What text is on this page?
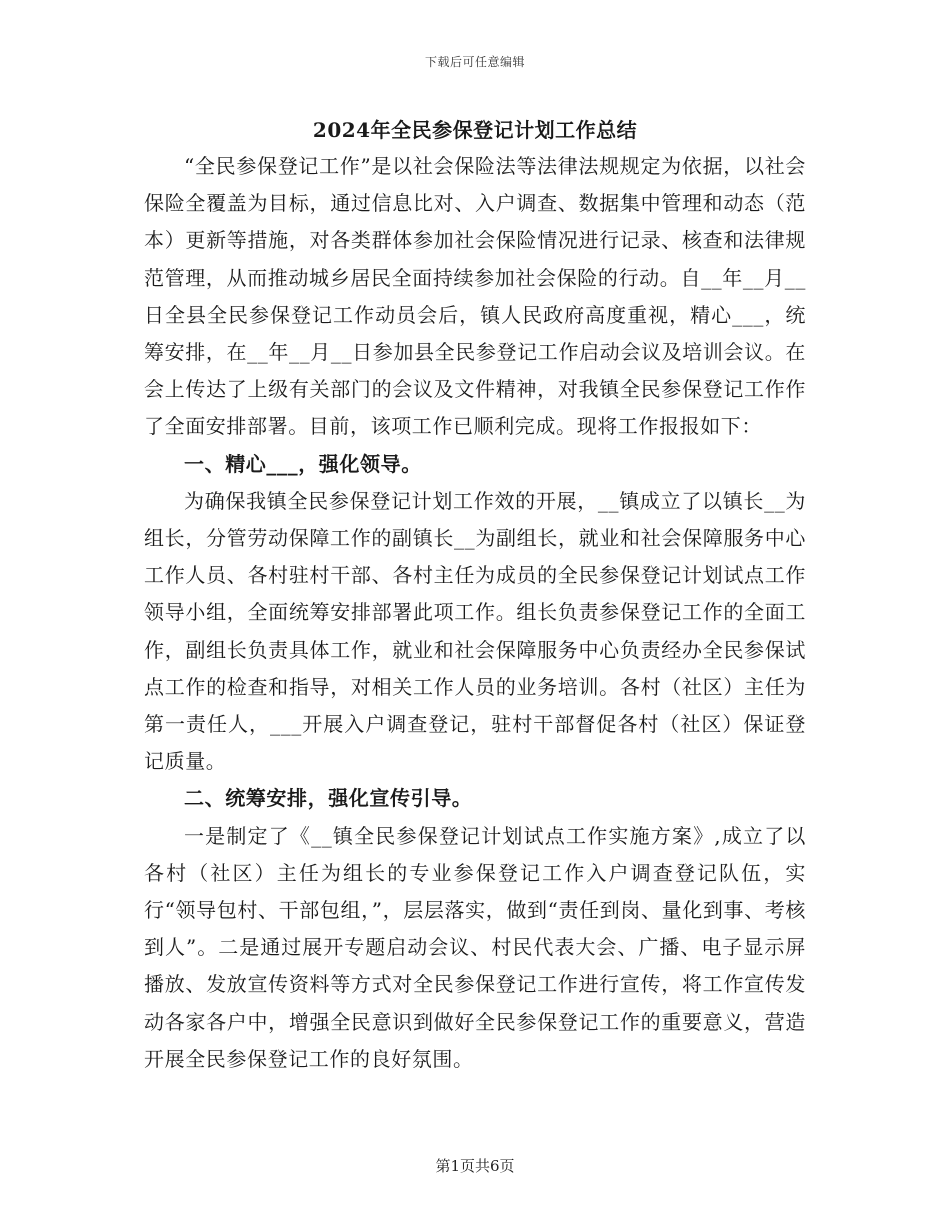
下载后可任意编辑
2024年全民参保登记计划工作总结

“全民参保登记工作”是以社会保险法等法律法规规定为依据，以社会保险全覆盖为目标，通过信息比对、入户调查、数据集中管理和动态（范本）更新等措施，对各类群体参加社会保险情况进行记录、核查和法律规范管理，从而推动城乡居民全面持续参加社会保险的行动。自__年__月__日全县全民参保登记工作动员会后，镇人民政府高度重视，精心___，统筹安排，在__年__月__日参加县全民参登记工作启动会议及培训会议。在会上传达了上级有关部门的会议及文件精神，对我镇全民参保登记工作作了全面安排部署。目前，该项工作已顺利完成。现将工作报报如下：

一、精心___，强化领导。

为确保我镇全民参保登记计划工作效的开展，__镇成立了以镇长__为组长，分管劳动保障工作的副镇长__为副组长，就业和社会保障服务中心工作人员、各村驻村干部、各村主任为成员的全民参保登记计划试点工作领导小组，全面统筹安排部署此项工作。组长负责参保登记工作的全面工作，副组长负责具体工作，就业和社会保障服务中心负责经办全民参保试点工作的检查和指导，对相关工作人员的业务培训。各村（社区）主任为第一责任人，___开展入户调查登记，驻村干部督促各村（社区）保证登记质量。

二、统筹安排，强化宣传引导。

一是制定了《__镇全民参保登记计划试点工作实施方案》,成立了以各村（社区）主任为组长的专业参保登记工作入户调查登记队伍，实行“领导包村、干部包组，”，层层落实，做到“责任到岗、量化到事、考核到人”。二是通过展开专题启动会议、村民代表大会、广播、电子显示屏播放、发放宣传资料等方式对全民参保登记工作进行宣传，将工作宣传发动各家各户中，增强全民意识到做好全民参保登记工作的重要意义，营造开展全民参保登记工作的良好氛围。

第1页共6页
